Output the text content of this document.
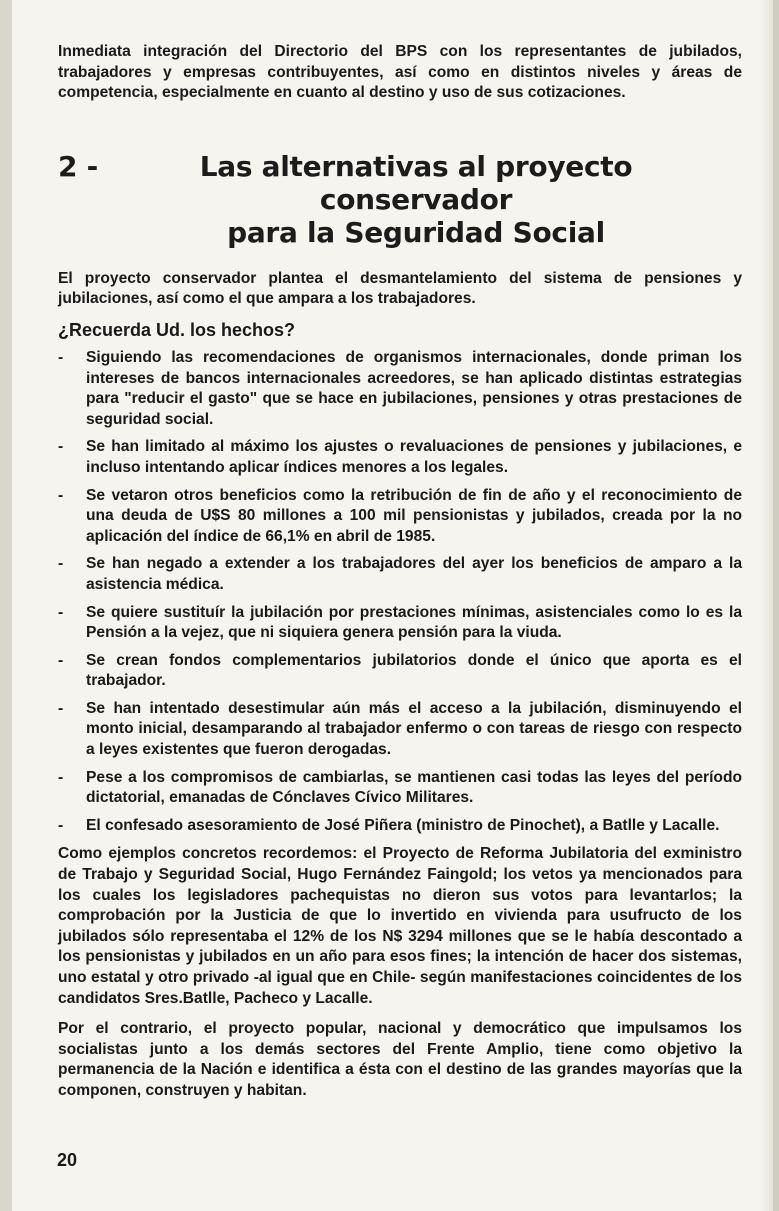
Inmediata integración del Directorio del BPS con los representantes de jubilados, trabajadores y empresas contribuyentes, así como en distintos niveles y áreas de competencia, especialmente en cuanto al destino y uso de sus cotizaciones.

2 -	Las alternativas al proyecto conservador
para la Seguridad Social

El proyecto conservador plantea el desmantelamiento del sistema de pensiones y jubilaciones, así como el que ampara a los trabajadores.

¿Recuerda Ud. los hechos?
-	Siguiendo las recomendaciones de organismos internacionales, donde priman los intereses de bancos internacionales acreedores, se han aplicado distintas estrategias para "reducir el gasto" que se hace en jubilaciones, pensiones y otras prestaciones de seguridad social.
-	Se han limitado al máximo los ajustes o revaluaciones de pensiones y jubilaciones, e incluso intentando aplicar índices menores a los legales.
-	Se vetaron otros beneficios como la retribución de fin de año y el reconocimiento de una deuda de U$S 80 millones a 100 mil pensionistas y jubilados, creada por la no aplicación del índice de 66,1% en abril de 1985.
-	Se han negado a extender a los trabajadores del ayer los beneficios de amparo a la asistencia médica.
-	Se quiere sustituír la jubilación por prestaciones mínimas, asistenciales como lo es la Pensión a la vejez, que ni siquiera genera pensión para la viuda.
-	Se crean fondos complementarios jubilatorios donde el único que aporta es el trabajador.
-	Se han intentado desestimular aún más el acceso a la jubilación, disminuyendo el monto inicial, desamparando al trabajador enfermo o con tareas de riesgo con respecto a leyes existentes que fueron derogadas.
-	Pese a los compromisos de cambiarlas, se mantienen casi todas las leyes del período dictatorial, emanadas de Cónclaves Cívico Militares.
-	El confesado asesoramiento de José Piñera (ministro de Pinochet), a Batlle y Lacalle.

Como ejemplos concretos recordemos: el Proyecto de Reforma Jubilatoria del exministro de Trabajo y Seguridad Social, Hugo Fernández Faingold; los vetos ya mencionados para los cuales los legisladores pachequistas no dieron sus votos para levantarlos; la comprobación por la Justicia de que lo invertido en vivienda para usufructo de los jubilados sólo representaba el 12% de los N$ 3294 millones que se le había descontado a los pensionistas y jubilados en un año para esos fines; la intención de hacer dos sistemas, uno estatal y otro privado -al igual que en Chile- según manifestaciones coincidentes de los candidatos Sres.Batlle, Pacheco y Lacalle.

Por el contrario, el proyecto popular, nacional y democrático que impulsamos los socialistas junto a los demás sectores del Frente Amplio, tiene como objetivo la permanencia de la Nación e identifica a ésta con el destino de las grandes mayorías que la componen, construyen y habitan.

20
